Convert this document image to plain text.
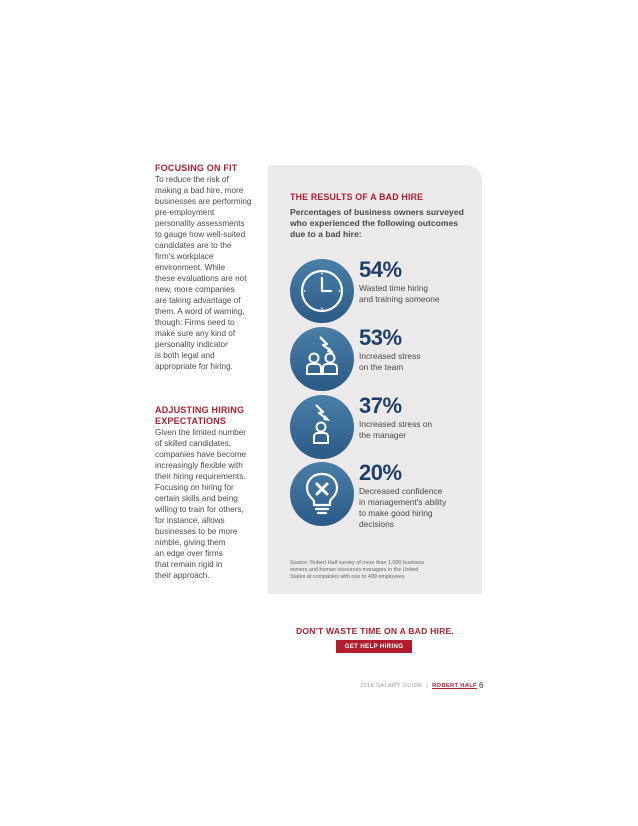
FOCUSING ON FIT
To reduce the risk of
making a bad hire, more
businesses are performing
pre-employment
personality assessments
to gauge how well-suited
candidates are to the
firm's workplace
environment. While
these evaluations are not
new, more companies
are taking advantage of
them. A word of warning,
though: Firms need to
make sure any kind of
personality indicator
is both legal and
appropriate for hiring.
ADJUSTING HIRING
EXPECTATIONS
Given the limited number
of skilled candidates,
companies have become
increasingly flexible with
their hiring requirements.
Focusing on hiring for
certain skills and being
willing to train for others,
for instance, allows
businesses to be more
nimble, giving them
an edge over firms
that remain rigid in
their approach.
THE RESULTS OF A BAD HIRE
Percentages of business owners surveyed who experienced the following outcomes due to a bad hire:
54%
Wasted time hiring
and training someone
53%
Increased stress
on the team
37%
Increased stress on
the manager
20%
Decreased confidence
in management's ability
to make good hiring
decisions
Source: Robert Half survey of more than 1,000 business
owners and human resources managers in the United
States at companies with one to 499 employees
DON'T WASTE TIME ON A BAD HIRE.
GET HELP HIRING
2018 SALARY GUIDE | ROBERT HALF 6
